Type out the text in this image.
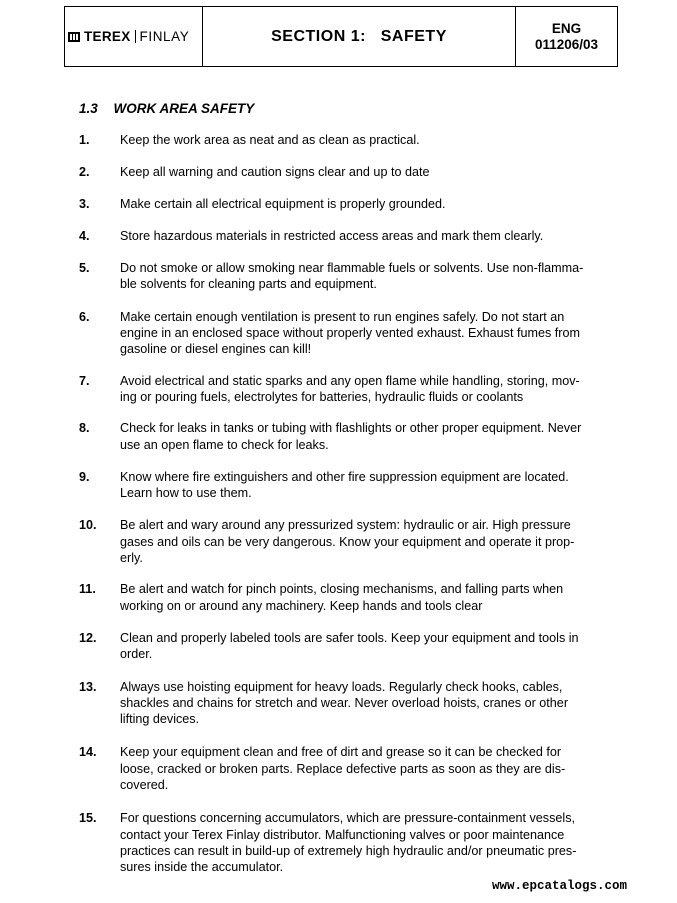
TEREX FINLAY	SECTION 1:   SAFETY	ENG
011206/03
1.3 WORK AREA SAFETY
1.	Keep the work area as neat and as clean as practical.
2.	Keep all warning and caution signs clear and up to date
3.	Make certain all electrical equipment is properly grounded.
4.	Store hazardous materials in restricted access areas and mark them clearly.
5.	Do not smoke or allow smoking near flammable fuels or solvents. Use non-flamma-
ble solvents for cleaning parts and equipment.
6.	Make certain enough ventilation is present to run engines safely. Do not start an
engine in an enclosed space without properly vented exhaust. Exhaust fumes from
gasoline or diesel engines can kill!
7.	Avoid electrical and static sparks and any open flame while handling, storing, mov-
ing or pouring fuels, electrolytes for batteries, hydraulic fluids or coolants
8.	Check for leaks in tanks or tubing with flashlights or other proper equipment. Never
use an open flame to check for leaks.
9.	Know where fire extinguishers and other fire suppression equipment are located.
Learn how to use them.
10.	Be alert and wary around any pressurized system: hydraulic or air. High pressure
gases and oils can be very dangerous. Know your equipment and operate it prop-
erly.
11.	Be alert and watch for pinch points, closing mechanisms, and falling parts when
working on or around any machinery. Keep hands and tools clear
12.	Clean and properly labeled tools are safer tools. Keep your equipment and tools in
order.
13.	Always use hoisting equipment for heavy loads. Regularly check hooks, cables,
shackles and chains for stretch and wear. Never overload hoists, cranes or other
lifting devices.
14.	Keep your equipment clean and free of dirt and grease so it can be checked for
loose, cracked or broken parts. Replace defective parts as soon as they are dis-
covered.
15.	For questions concerning accumulators, which are pressure-containment vessels,
contact your Terex Finlay distributor. Malfunctioning valves or poor maintenance
practices can result in build-up of extremely high hydraulic and/or pneumatic pres-
sures inside the accumulator.
www.epcatalogs.com
